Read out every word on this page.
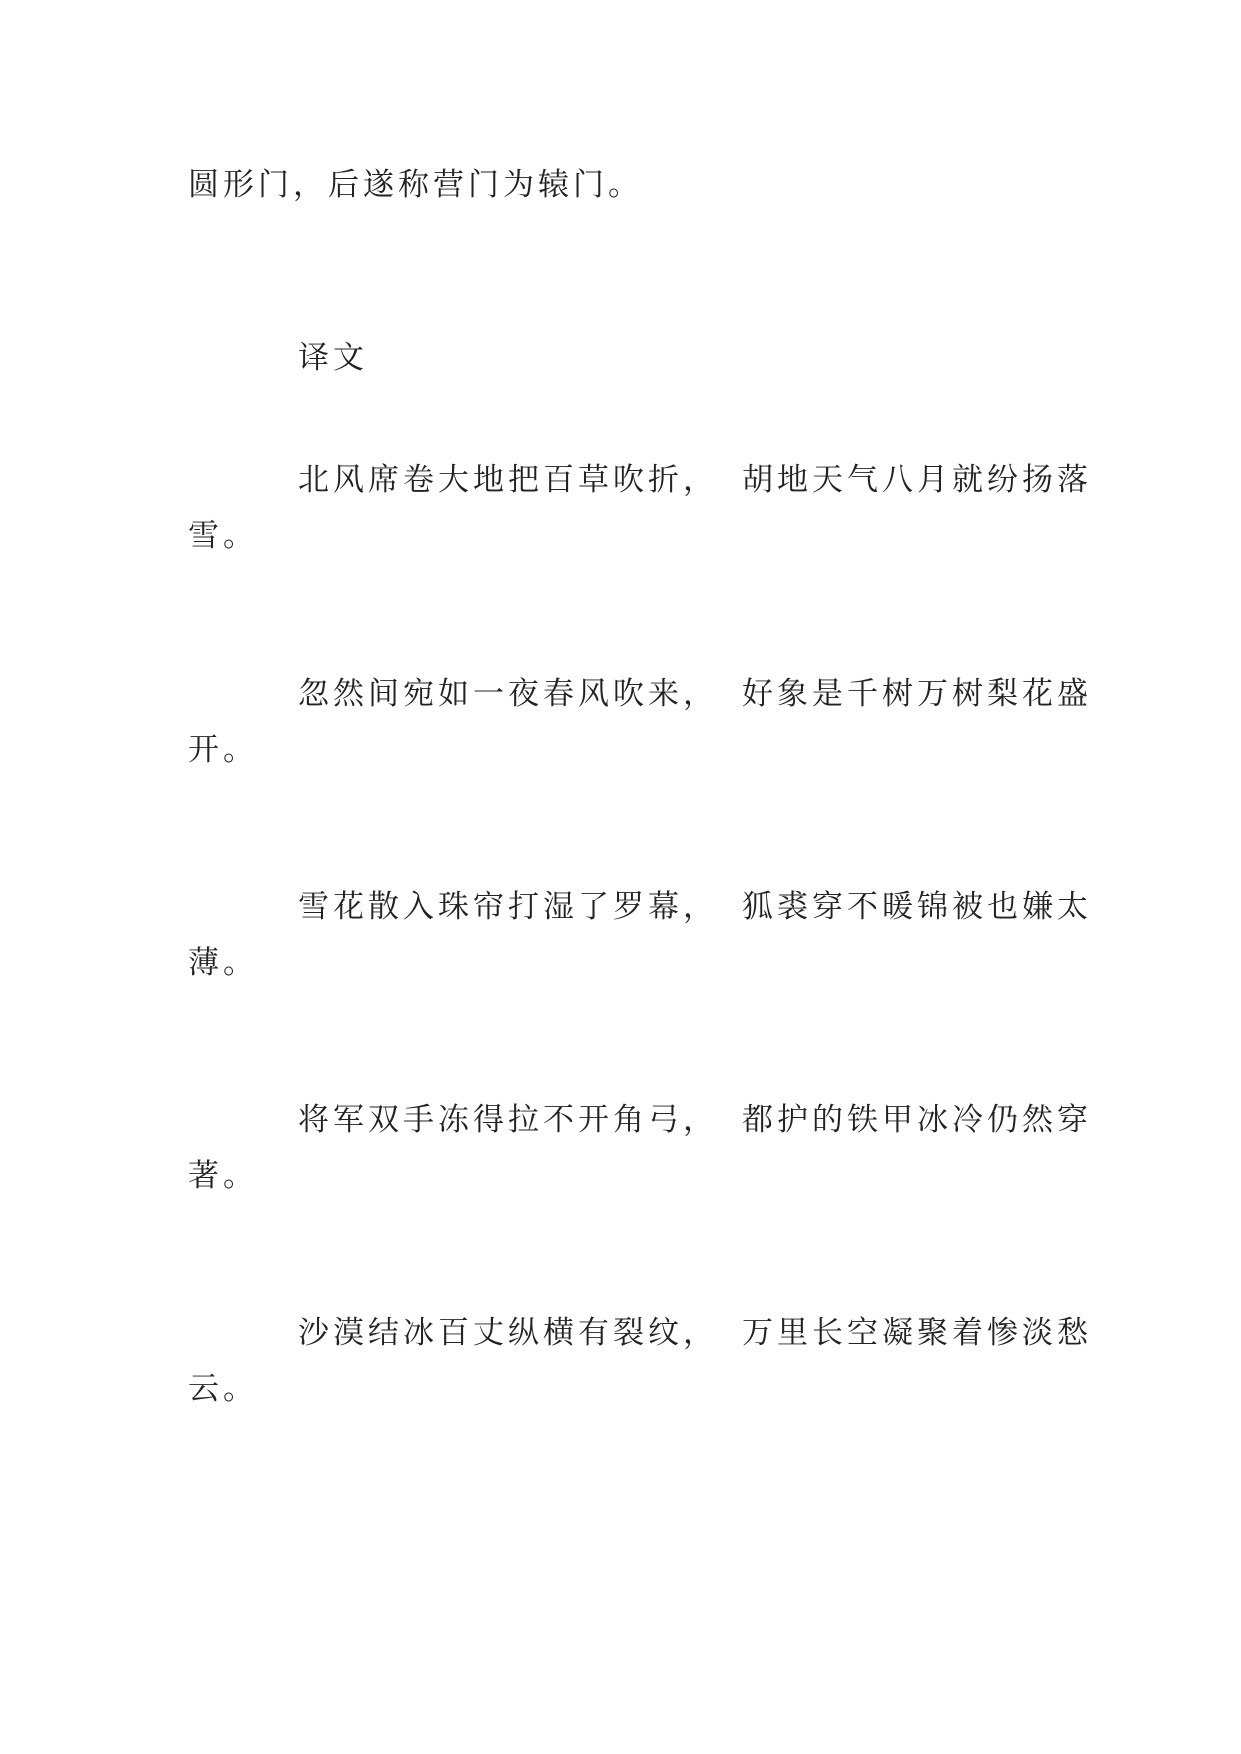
圆形门，后遂称营门为辕门。

译文

北风席卷大地把百草吹折， 胡地天气八月就纷扬落

雪。

忽然间宛如一夜春风吹来， 好象是千树万树梨花盛

开。

雪花散入珠帘打湿了罗幕， 狐裘穿不暖锦被也嫌太

薄。

将军双手冻得拉不开角弓， 都护的铁甲冰冷仍然穿

著。

沙漠结冰百丈纵横有裂纹， 万里长空凝聚着惨淡愁

云。
